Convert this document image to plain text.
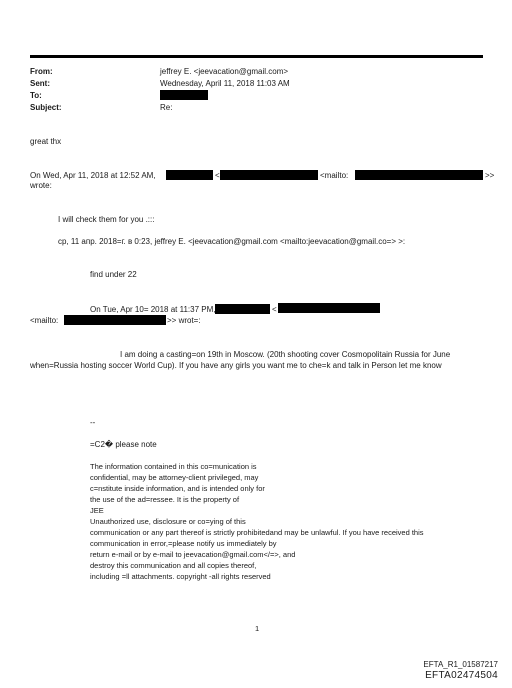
From:	jeffrey E. <jeevacation@gmail.com>
Sent:	Wednesday, April 11, 2018 11:03 AM
To:
Subject:	Re:
great thx
On Wed, Apr 11, 2018 at 12:52 AM,	<	<mailto:	>>
wrote:
I will check them for you .:::
ср, 11 апр. 2018=г. в 0:23, jeffrey E. <jeevacation@gmail.com <mailto:jeevacation@gmail.co=> >:
find under 22
On Tue, Apr 10= 2018 at 11:37 PM,	<
<mailto:	>> wrot=:
I am doing a casting=on 19th in Moscow. (20th shooting cover Cosmopolitain Russia for June
when=Russia hosting soccer World Cup). If you have any girls you want me to che=k and talk in Person let me know
--
=C2� please note
The information contained in this co=munication is
confidential, may be attorney-client privileged, may
c=nstitute inside information, and is intended only for
the use of the ad=ressee. It is the property of
JEE
Unauthorized use, disclosure or co=ying of this
communication or any part thereof is strictly prohibitedand may be unlawful. If you have received this
communication in error,=please notify us immediately by
return e-mail or by e-mail to jeevacation@gmail.com</=>, and
destroy this communication and all copies thereof,
including =ll attachments. copyright -all rights reserved
1
EFTA_R1_01587217
EFTA02474504
